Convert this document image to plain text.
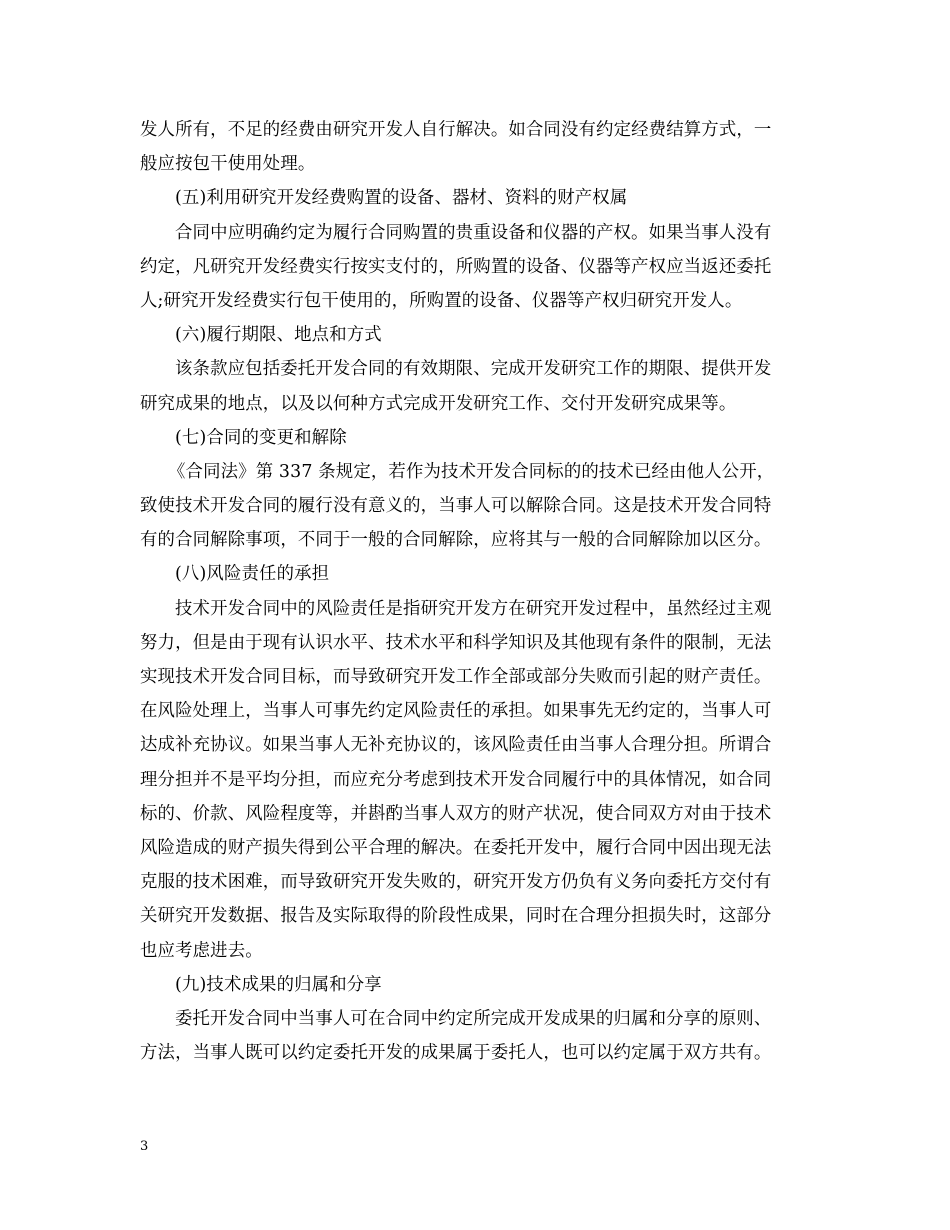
发人所有，不足的经费由研究开发人自行解决。如合同没有约定经费结算方式，一
般应按包干使用处理。
(五)利用研究开发经费购置的设备、器材、资料的财产权属
合同中应明确约定为履行合同购置的贵重设备和仪器的产权。如果当事人没有
约定，凡研究开发经费实行按实支付的，所购置的设备、仪器等产权应当返还委托
人;研究开发经费实行包干使用的，所购置的设备、仪器等产权归研究开发人。
(六)履行期限、地点和方式
该条款应包括委托开发合同的有效期限、完成开发研究工作的期限、提供开发
研究成果的地点，以及以何种方式完成开发研究工作、交付开发研究成果等。
(七)合同的变更和解除
《合同法》第 337 条规定，若作为技术开发合同标的的技术已经由他人公开，
致使技术开发合同的履行没有意义的，当事人可以解除合同。这是技术开发合同特
有的合同解除事项，不同于一般的合同解除，应将其与一般的合同解除加以区分。
(八)风险责任的承担
技术开发合同中的风险责任是指研究开发方在研究开发过程中，虽然经过主观
努力，但是由于现有认识水平、技术水平和科学知识及其他现有条件的限制，无法
实现技术开发合同目标，而导致研究开发工作全部或部分失败而引起的财产责任。
在风险处理上，当事人可事先约定风险责任的承担。如果事先无约定的，当事人可
达成补充协议。如果当事人无补充协议的，该风险责任由当事人合理分担。所谓合
理分担并不是平均分担，而应充分考虑到技术开发合同履行中的具体情况，如合同
标的、价款、风险程度等，并斟酌当事人双方的财产状况，使合同双方对由于技术
风险造成的财产损失得到公平合理的解决。在委托开发中，履行合同中因出现无法
克服的技术困难，而导致研究开发失败的，研究开发方仍负有义务向委托方交付有
关研究开发数据、报告及实际取得的阶段性成果，同时在合理分担损失时，这部分
也应考虑进去。
(九)技术成果的归属和分享
委托开发合同中当事人可在合同中约定所完成开发成果的归属和分享的原则、
方法，当事人既可以约定委托开发的成果属于委托人，也可以约定属于双方共有。
3
